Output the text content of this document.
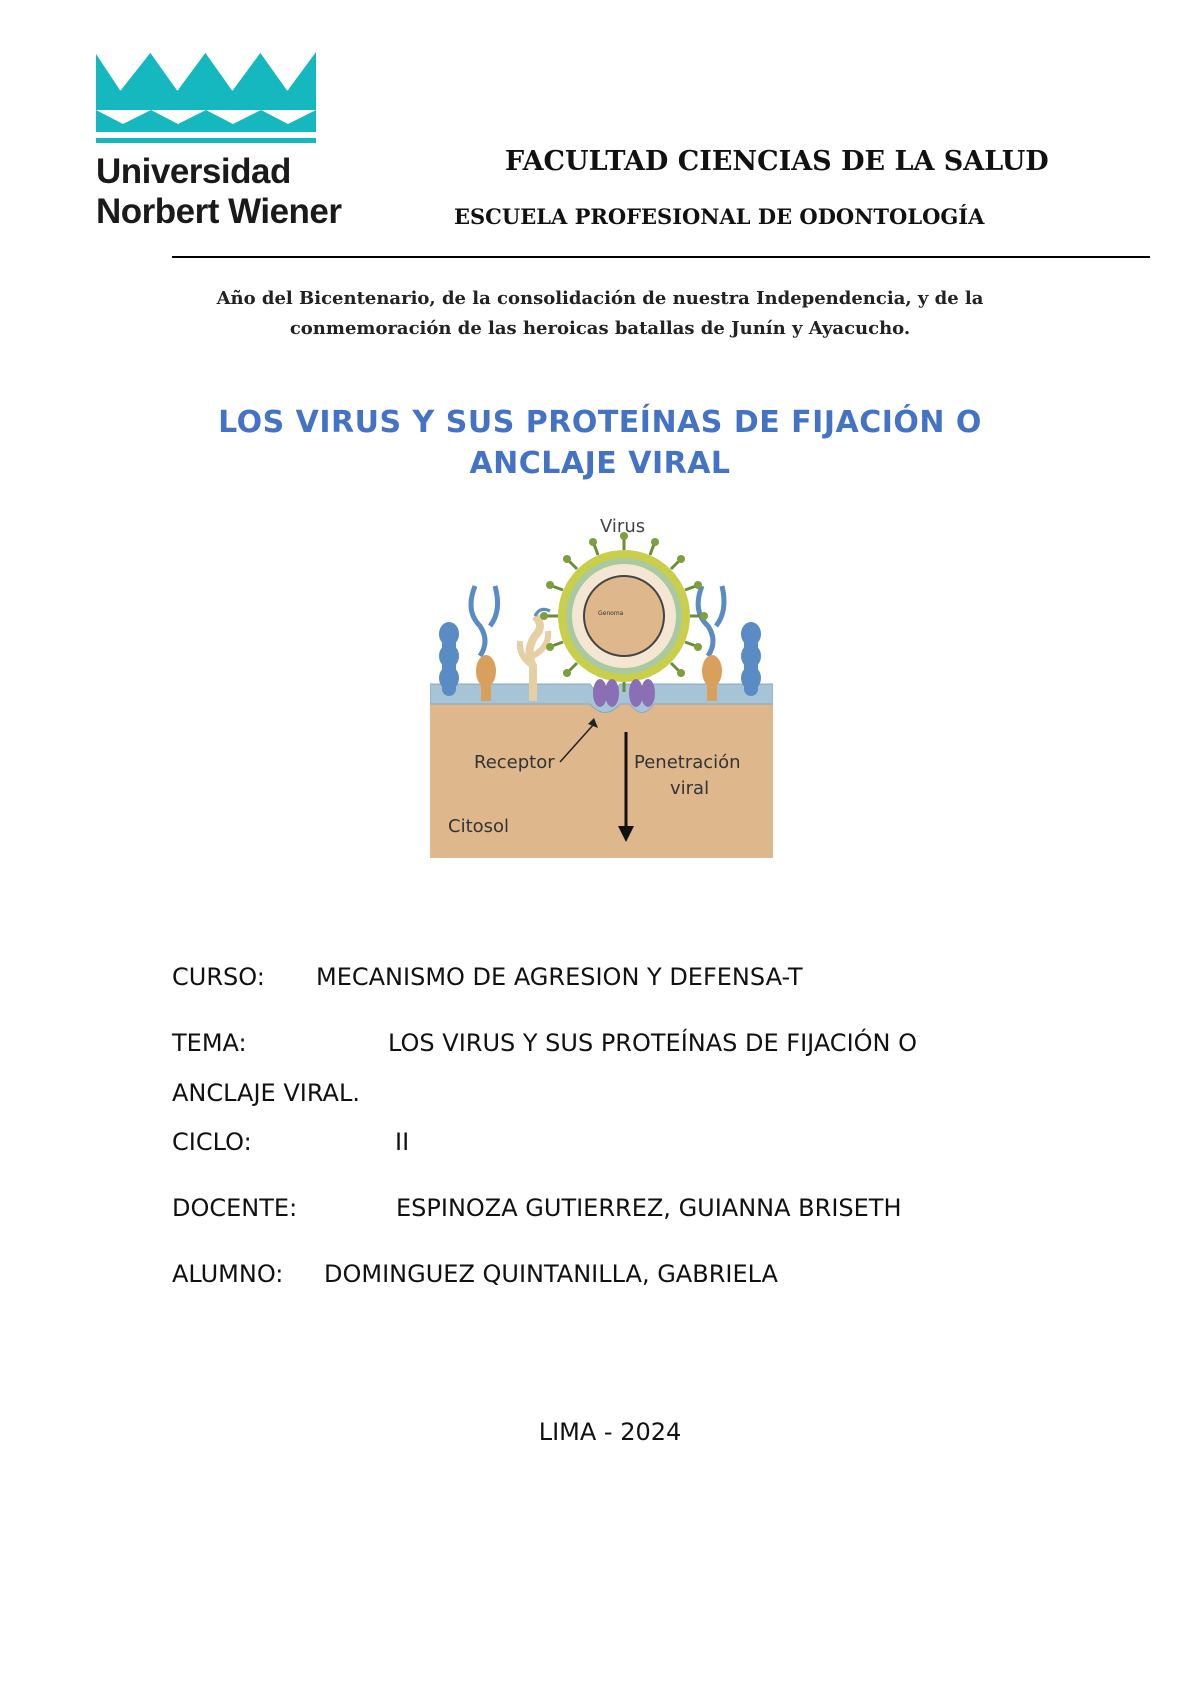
Universidad
Norbert Wiener
FACULTAD CIENCIAS DE LA SALUD
ESCUELA PROFESIONAL DE ODONTOLOGÍA
Año del Bicentenario, de la consolidación de nuestra Independencia, y de la
conmemoración de las heroicas batallas de Junín y Ayacucho.
LOS VIRUS Y SUS PROTEÍNAS DE FIJACIÓN O
ANCLAJE VIRAL
Virus
Genoma
Receptor	Penetración
viral
Citosol
CURSO: MECANISMO DE AGRESION Y DEFENSA-T
TEMA:	LOS VIRUS Y SUS PROTEÍNAS DE FIJACIÓN O
ANCLAJE VIRAL.
CICLO:	II
DOCENTE:	ESPINOZA GUTIERREZ, GUIANNA BRISETH
ALUMNO: DOMINGUEZ QUINTANILLA, GABRIELA
LIMA - 2024
